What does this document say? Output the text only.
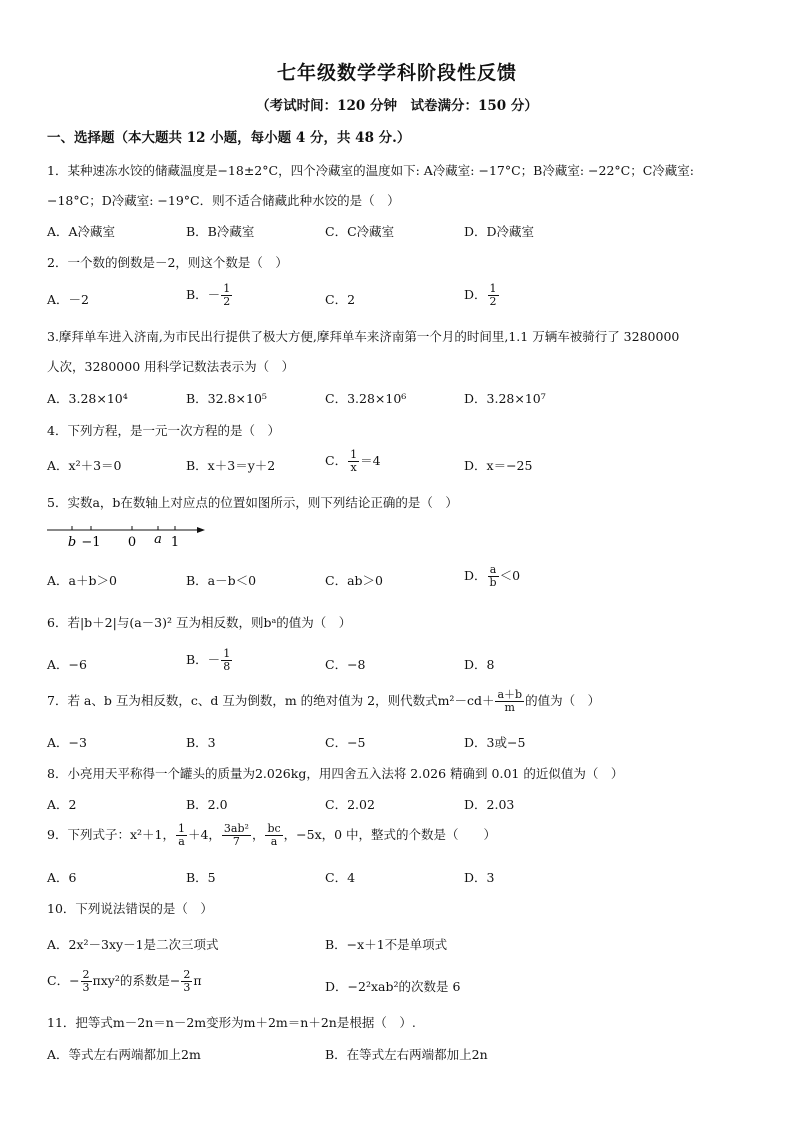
七年级数学学科阶段性反馈
（考试时间：120 分钟　试卷满分：150 分）
一、选择题（本大题共 12 小题，每小题 4 分，共 48 分.）
1．某种速冻水饺的储藏温度是−18±2°C，四个冷藏室的温度如下: A冷藏室: −17°C；B冷藏室: −22°C；C冷藏室:
−18°C；D冷藏室: −19°C．则不适合储藏此种水饺的是（　）
A．A冷藏室	B．B冷藏室	C．C冷藏室	D．D冷藏室
2．一个数的倒数是－2，则这个数是（　）
A．－2	B．－ $\frac{1}{2}$	C．2	D． $\frac{1}{2}$
3.摩拜单车进入济南,为市民出行提供了极大方便,摩拜单车来济南第一个月的时间里,1.1 万辆车被骑行了 3280000
人次，3280000 用科学记数法表示为（　）
A．3.28×10⁴	B．32.8×10⁵	C．3.28×10⁶	D．3.28×10⁷
4．下列方程，是一元一次方程的是（　）
A．x²＋3＝0	B．x＋3＝y＋2	C． $\frac{1}{x} =4$	D．x＝−25
5．实数a，b在数轴上对应点的位置如图所示，则下列结论正确的是（　）
b −1 0 a 1
A．a＋b＞0	B．a－b＜0	C．ab＞0	D． $\frac{a}{b} <0$
6．若|b＋2|与(a－3)² 互为相反数，则bᵃ的值为（　）
A．−6	B．－ $\frac{1}{8}$	C．−8	D．8
7．若 a、b 互为相反数，c、d 互为倒数，m 的绝对值为 2，则代数式$m^2-cd+ \frac{a+b}{m}$ 的值为（　）
A．−3	B．3	C．−5	D．3或−5
8．小亮用天平称得一个罐头的质量为2.026kg，用四舍五入法将 2.026 精确到 0.01 的近似值为（　）
A．2	B．2.0	C．2.02	D．2.03
9．下列式子：x²＋1， $\frac{1}{a} +4$， $\frac{\text{3ab²}}{7}$ ， $\frac{bc}{a}$ ，−5x，0 中，整式的个数是（　　）
A．6	B．5	C．4	D．3
10．下列说法错误的是（　）
A．2x²－3xy－1是二次三项式	B．−x＋1不是单项式
C．− $\frac{2}{3} \pi xy^2$的系数是− $\frac{2}{3}$ π	D．−2²xab²的次数是 6
11．把等式m－2n＝n－2m变形为m＋2m＝n＋2n是根据（　）.
A．等式左右两端都加上2m	B．在等式左右两端都加上2n
